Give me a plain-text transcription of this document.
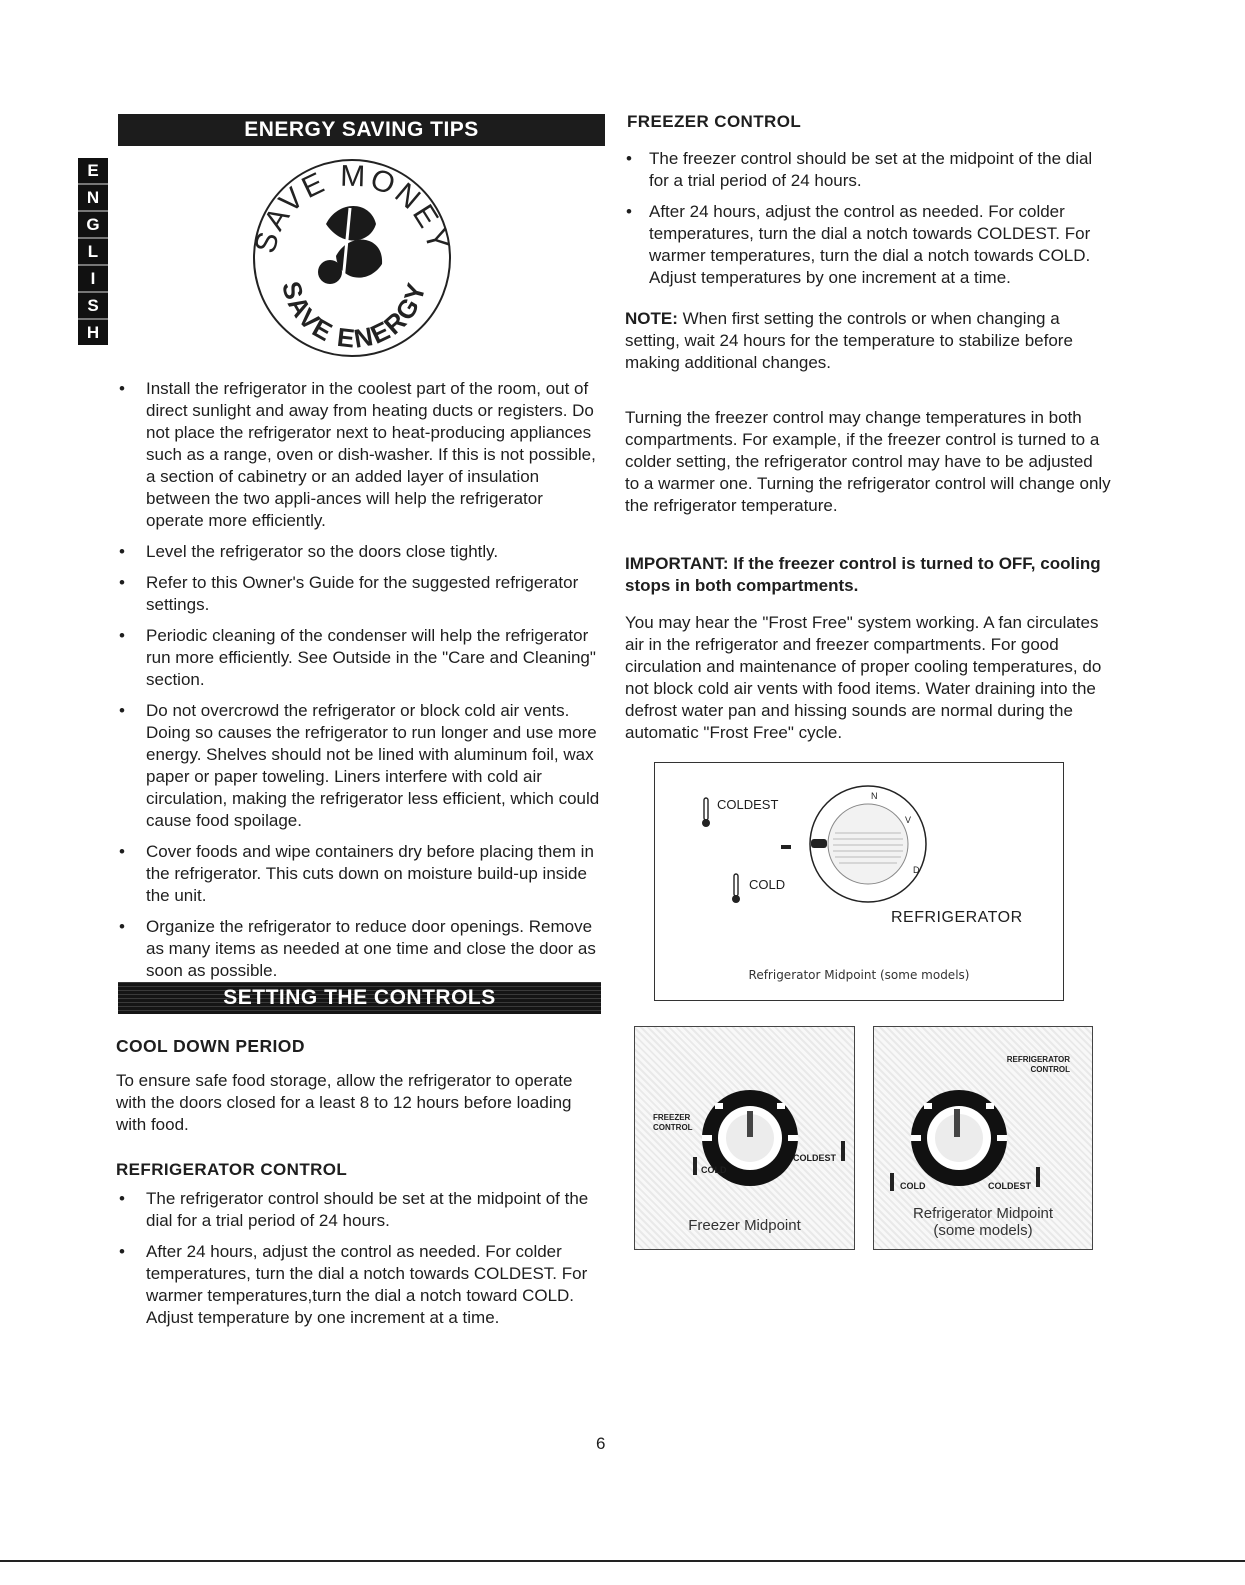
ENERGY SAVING TIPS
E
N
G
L
I
S
H
SAVE MONEY
SAVE ENERGY
• Install the refrigerator in the coolest part of the room, out of direct sunlight and away from heating ducts or registers. Do not place the refrigerator next to heat-producing appliances such as a range, oven or dish-washer. If this is not possible, a section of cabinetry or an added layer of insulation between the two appli-ances will help the refrigerator operate more efficiently.
• Level the refrigerator so the doors close tightly.
• Refer to this Owner's Guide for the suggested refrigerator settings.
• Periodic cleaning of the condenser will help the refrigerator run more efficiently. See Outside in the "Care and Cleaning" section.
• Do not overcrowd the refrigerator or block cold air vents. Doing so causes the refrigerator to run longer and use more energy. Shelves should not be lined with aluminum foil, wax paper or paper toweling. Liners interfere with cold air circulation, making the refrigerator less efficient, which could cause food spoilage.
• Cover foods and wipe containers dry before placing them in the refrigerator. This cuts down on moisture build-up inside the unit.
• Organize the refrigerator to reduce door openings. Remove as many items as needed at one time and close the door as soon as possible.
SETTING THE CONTROLS
COOL DOWN PERIOD

To ensure safe food storage, allow the refrigerator to operate with the doors closed for a least 8 to 12 hours before loading with food.

REFRIGERATOR CONTROL
• The refrigerator control should be set at the midpoint of the dial for a trial period of 24 hours.
• After 24 hours, adjust the control as needed. For colder temperatures, turn the dial a notch towards COLDEST. For warmer temperatures,turn the dial a notch toward COLD. Adjust temperature by one increment at a time.
FREEZER CONTROL
• The freezer control should be set at the midpoint of the dial for a trial period of 24 hours.
• After 24 hours, adjust the control as needed. For colder temperatures, turn the dial a notch towards COLDEST. For warmer temperatures, turn the dial a notch towards COLD. Adjust temperatures by one increment at a time.

NOTE: When first setting the controls or when changing a setting, wait 24 hours for the temperature to stabilize before making additional changes.

Turning the freezer control may change temperatures in both compartments. For example, if the freezer control is turned to a colder setting, the refrigerator control may have to be adjusted to a warmer one. Turning the refrigerator control will change only the refrigerator temperature.

IMPORTANT: If the freezer control is turned to OFF, cooling stops in both compartments.

You may hear the "Frost Free" system working. A fan circulates air in the refrigerator and freezer compartments. For good circulation and maintenance of proper cooling temperatures, do not block cold air vents with food items. Water draining into the defrost water pan and hissing sounds are normal during the automatic "Frost Free" cycle.

COLDEST
COLD
N
V
D
REFRIGERATOR
Refrigerator Midpoint (some models)
FREEZER CONTROL
COLD
COLDEST
Freezer Midpoint
REFRIGERATOR CONTROL
COLD	COLDEST
Refrigerator Midpoint
(some models)
6
